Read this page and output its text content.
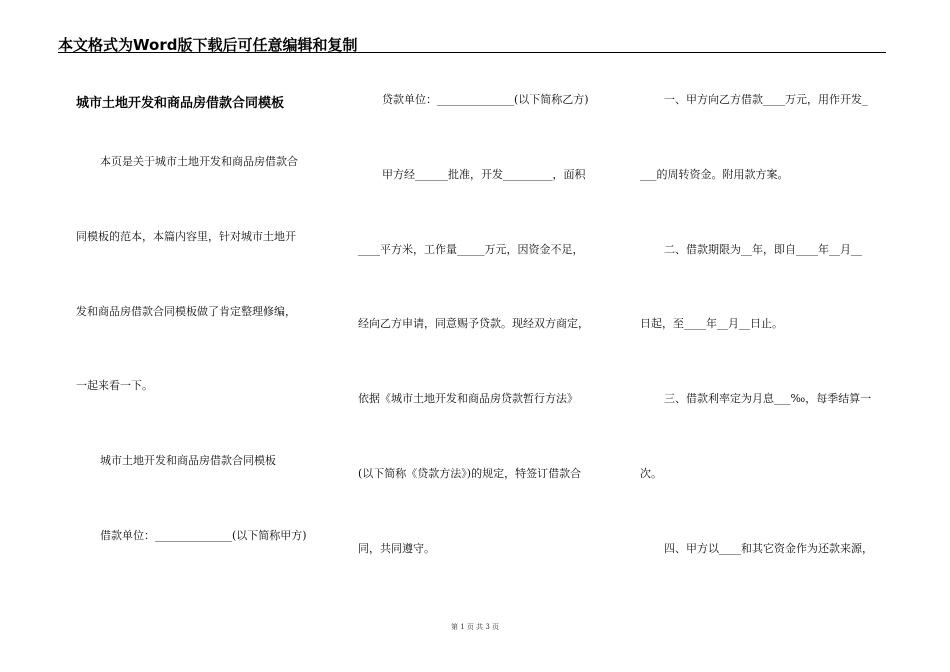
本文格式为Word版下载后可任意编辑和复制
城市土地开发和商品房借款合同模板
本页是关于城市土地开发和商品房借款合
同模板的范本，本篇内容里，针对城市土地开
发和商品房借款合同模板做了肯定整理修编，
一起来看一下。
城市土地开发和商品房借款合同模板
借款单位：______________(以下简称甲方)
贷款单位：______________(以下简称乙方)
甲方经______批准，开发_________，面积
____平方米，工作量_____万元，因资金不足，
经向乙方申请，同意赐予贷款。现经双方商定，
依据《城市土地开发和商品房贷款暂行方法》
(以下简称《贷款方法》)的规定，特签订借款合
同，共同遵守。
一、甲方向乙方借款____万元，用作开发_
___的周转资金。附用款方案。
二、借款期限为__年，即自____年__月__
日起，至____年__月__日止。
三、借款利率定为月息___‰，每季结算一
次。
四、甲方以____和其它资金作为还款来源，
第 1 页 共 3 页
